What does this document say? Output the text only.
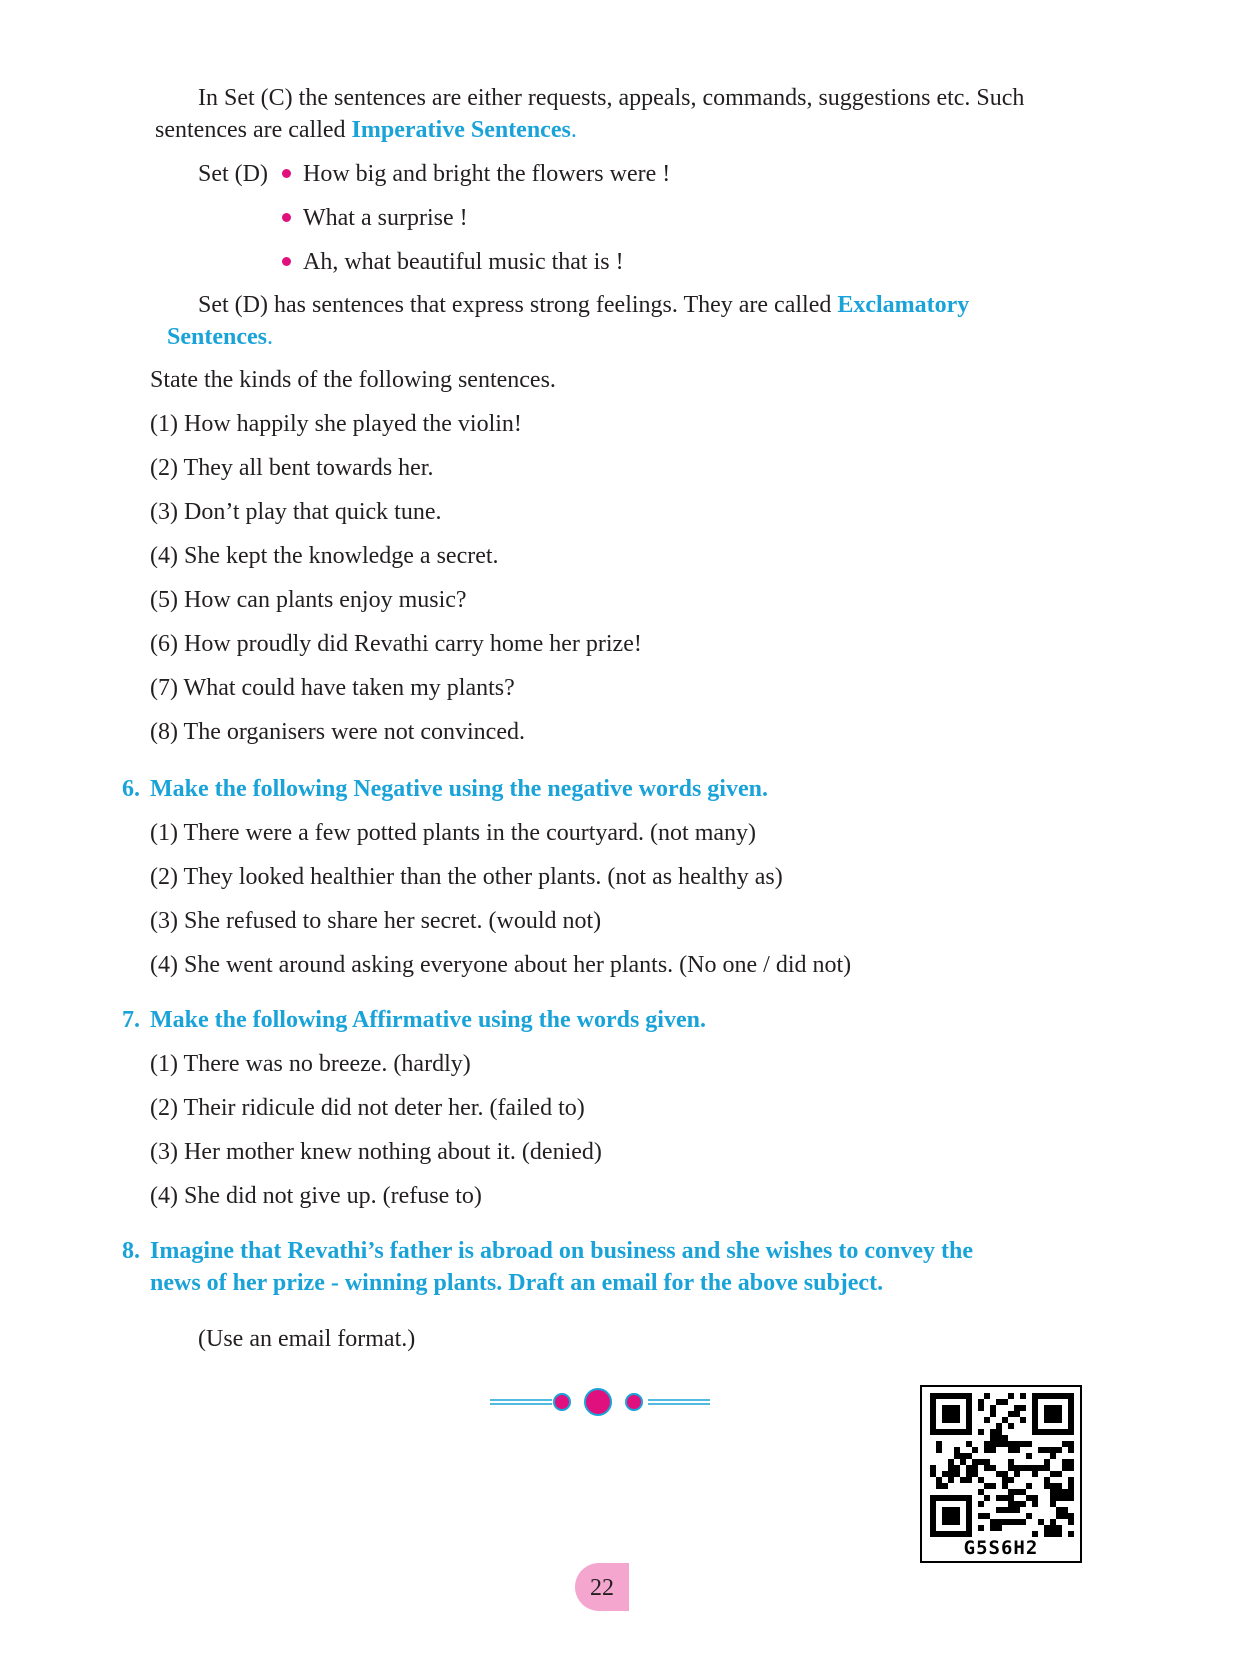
In Set (C) the sentences are either requests, appeals, commands, suggestions etc. Such
sentences are called Imperative Sentences.
Set (D)	How big and bright the flowers were !
What a surprise !
Ah, what beautiful music that is !
Set (D) has sentences that express strong feelings. They are called Exclamatory
Sentences.
State the kinds of the following sentences.
(1) How happily she played the violin!
(2) They all bent towards her.
(3) Don’t play that quick tune.
(4) She kept the knowledge a secret.
(5) How can plants enjoy music?
(6) How proudly did Revathi carry home her prize!
(7) What could have taken my plants?
(8) The organisers were not convinced.
6. Make the following Negative using the negative words given.
(1) There were a few potted plants in the courtyard. (not many)
(2) They looked healthier than the other plants. (not as healthy as)
(3) She refused to share her secret. (would not)
(4) She went around asking everyone about her plants. (No one / did not)
7. Make the following Affirmative using the words given.
(1) There was no breeze. (hardly)
(2) Their ridicule did not deter her. (failed to)
(3) Her mother knew nothing about it. (denied)
(4) She did not give up. (refuse to)
8. Imagine that Revathi’s father is abroad on business and she wishes to convey the
news of her prize - winning plants. Draft an email for the above subject.
(Use an email format.)
G5S6H2
22
